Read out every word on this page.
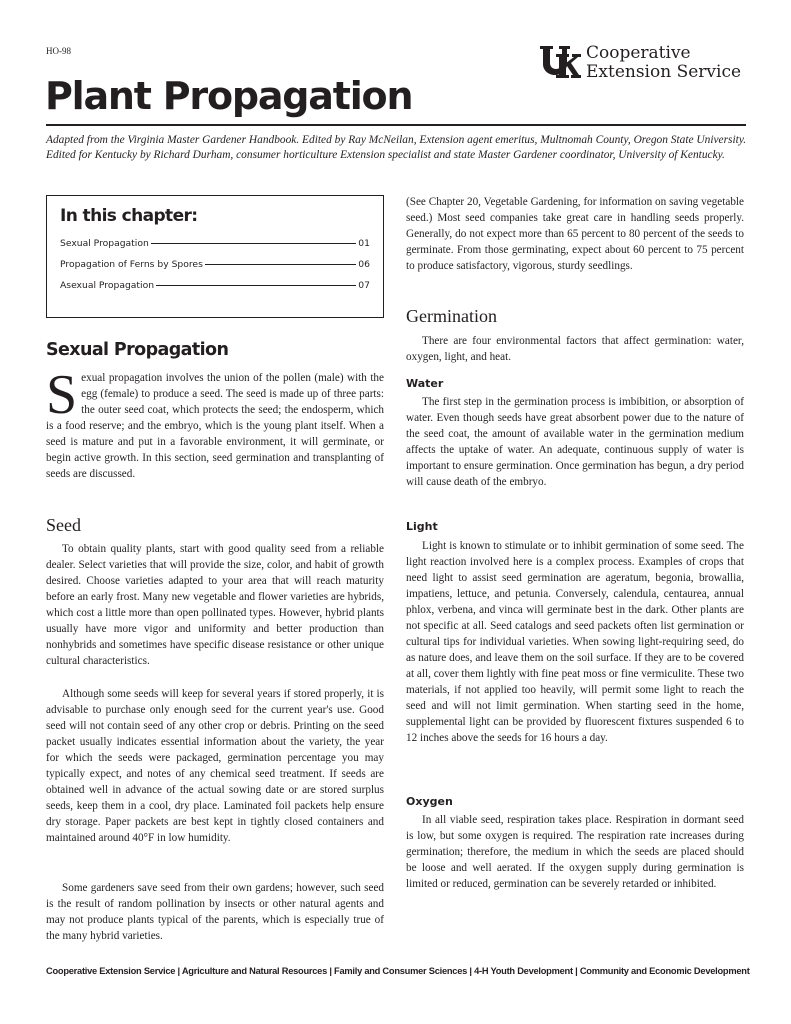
HO-98
Plant Propagation
Cooperative
Extension Service
Adapted from the Virginia Master Gardener Handbook. Edited by Ray McNeilan, Extension agent emeritus, Multnomah County, Oregon State University. Edited for Kentucky by Richard Durham, consumer horticulture Extension specialist and state Master Gardener coordinator, University of Kentucky.
In this chapter:
Sexual Propagation	01
Propagation of Ferns by Spores	06
Asexual Propagation	07
Sexual Propagation
Sexual propagation involves the union of the pollen (male) with the egg (female) to produce a seed. The seed is made up of three parts: the outer seed coat, which protects the seed; the endosperm, which is a food reserve; and the embryo, which is the young plant itself. When a seed is mature and put in a favorable environment, it will germinate, or begin active growth. In this section, seed germination and transplanting of seeds are discussed.
Seed
To obtain quality plants, start with good quality seed from a reliable dealer. Select varieties that will provide the size, color, and habit of growth desired. Choose varieties adapted to your area that will reach maturity before an early frost. Many new vegetable and flower varieties are hybrids, which cost a little more than open pollinated types. However, hybrid plants usually have more vigor and uniformity and better production than nonhybrids and sometimes have specific disease resistance or other unique cultural characteristics.
Although some seeds will keep for several years if stored properly, it is advisable to purchase only enough seed for the current year's use. Good seed will not contain seed of any other crop or debris. Printing on the seed packet usually indicates essential information about the variety, the year for which the seeds were packaged, germination percentage you may typically expect, and notes of any chemical seed treatment. If seeds are obtained well in advance of the actual sowing date or are stored surplus seeds, keep them in a cool, dry place. Laminated foil packets help ensure dry storage. Paper packets are best kept in tightly closed containers and maintained around 40°F in low humidity.
Some gardeners save seed from their own gardens; however, such seed is the result of random pollination by insects or other natural agents and may not produce plants typical of the parents, which is especially true of the many hybrid varieties.
(See Chapter 20, Vegetable Gardening, for information on saving vegetable seed.) Most seed companies take great care in handling seeds properly. Generally, do not expect more than 65 percent to 80 percent of the seeds to germinate. From those germinating, expect about 60 percent to 75 percent to produce satisfactory, vigorous, sturdy seedlings.
Germination
There are four environmental factors that affect germination: water, oxygen, light, and heat.
Water
The first step in the germination process is imbibition, or absorption of water. Even though seeds have great absorbent power due to the nature of the seed coat, the amount of available water in the germination medium affects the uptake of water. An adequate, continuous supply of water is important to ensure germination. Once germination has begun, a dry period will cause death of the embryo.
Light
Light is known to stimulate or to inhibit germination of some seed. The light reaction involved here is a complex process. Examples of crops that need light to assist seed germination are ageratum, begonia, browallia, impatiens, lettuce, and petunia. Conversely, calendula, centaurea, annual phlox, verbena, and vinca will germinate best in the dark. Other plants are not specific at all. Seed catalogs and seed packets often list germination or cultural tips for individual varieties. When sowing light-requiring seed, do as nature does, and leave them on the soil surface. If they are to be covered at all, cover them lightly with fine peat moss or fine vermiculite. These two materials, if not applied too heavily, will permit some light to reach the seed and will not limit germination. When starting seed in the home, supplemental light can be provided by fluorescent fixtures suspended 6 to 12 inches above the seeds for 16 hours a day.
Oxygen
In all viable seed, respiration takes place. Respiration in dormant seed is low, but some oxygen is required. The respiration rate increases during germination; therefore, the medium in which the seeds are placed should be loose and well aerated. If the oxygen supply during germination is limited or reduced, germination can be severely retarded or inhibited.
Cooperative Extension Service | Agriculture and Natural Resources | Family and Consumer Sciences | 4-H Youth Development | Community and Economic Development
